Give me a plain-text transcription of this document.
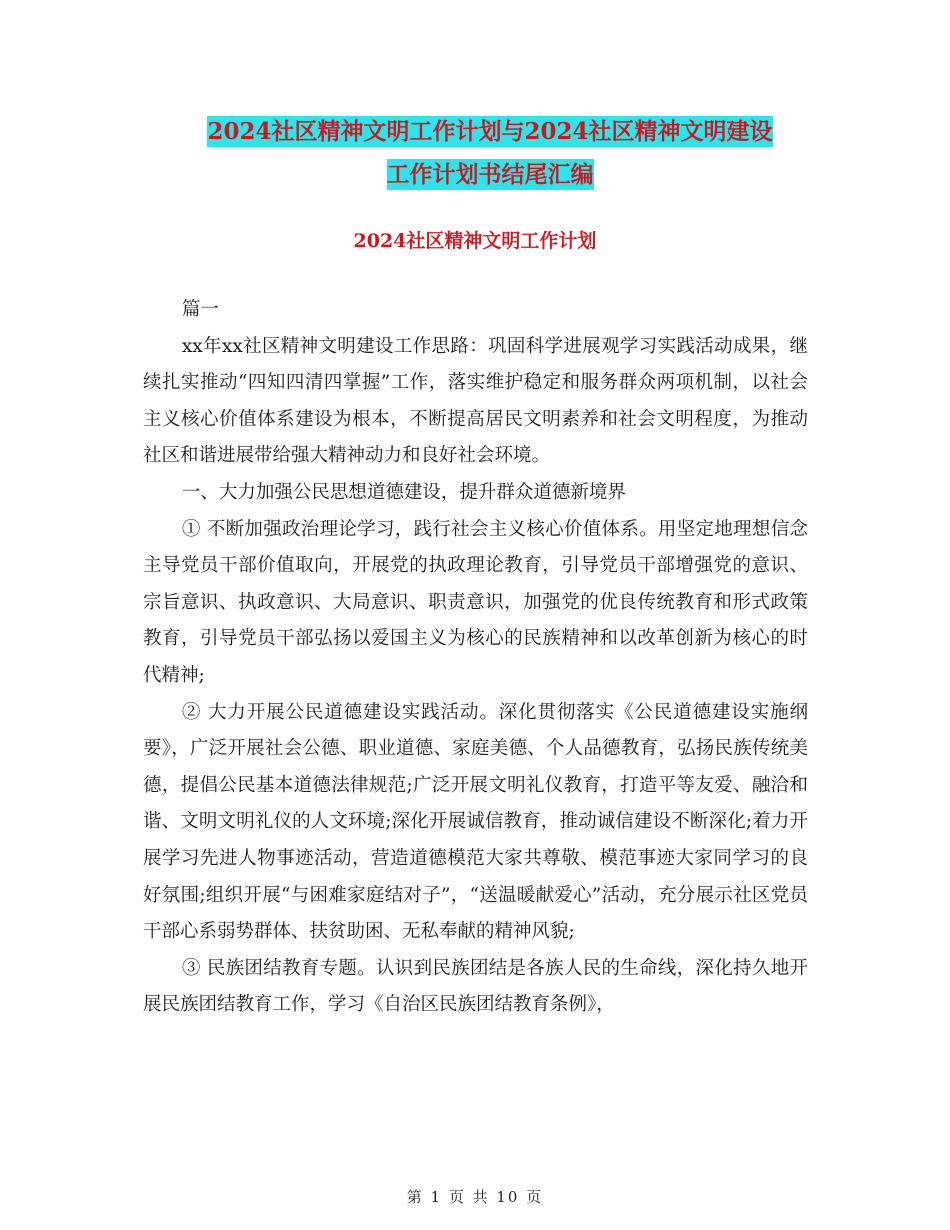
2024社区精神文明工作计划与2024社区精神文明建设
工作计划书结尾汇编
2024社区精神文明工作计划

篇一

xx年xx社区精神文明建设工作思路：巩固科学进展观学习实践活动成果，继续扎实推动“四知四清四掌握”工作，落实维护稳定和服务群众两项机制，以社会主义核心价值体系建设为根本，不断提高居民文明素养和社会文明程度，为推动社区和谐进展带给强大精神动力和良好社会环境。

一、大力加强公民思想道德建设，提升群众道德新境界

① 不断加强政治理论学习，践行社会主义核心价值体系。用坚定地理想信念主导党员干部价值取向，开展党的执政理论教育，引导党员干部增强党的意识、宗旨意识、执政意识、大局意识、职责意识，加强党的优良传统教育和形式政策教育，引导党员干部弘扬以爱国主义为核心的民族精神和以改革创新为核心的时代精神;

② 大力开展公民道德建设实践活动。深化贯彻落实《公民道德建设实施纲要》，广泛开展社会公德、职业道德、家庭美德、个人品德教育，弘扬民族传统美德，提倡公民基本道德法律规范;广泛开展文明礼仪教育，打造平等友爱、融洽和谐、文明文明礼仪的人文环境;深化开展诚信教育，推动诚信建设不断深化;着力开展学习先进人物事迹活动，营造道德模范大家共尊敬、模范事迹大家同学习的良好氛围;组织开展“与困难家庭结对子”，“送温暖献爱心”活动，充分展示社区党员干部心系弱势群体、扶贫助困、无私奉献的精神风貌;

③ 民族团结教育专题。认识到民族团结是各族人民的生命线，深化持久地开展民族团结教育工作，学习《自治区民族团结教育条例》，

第 1 页 共 10 页
